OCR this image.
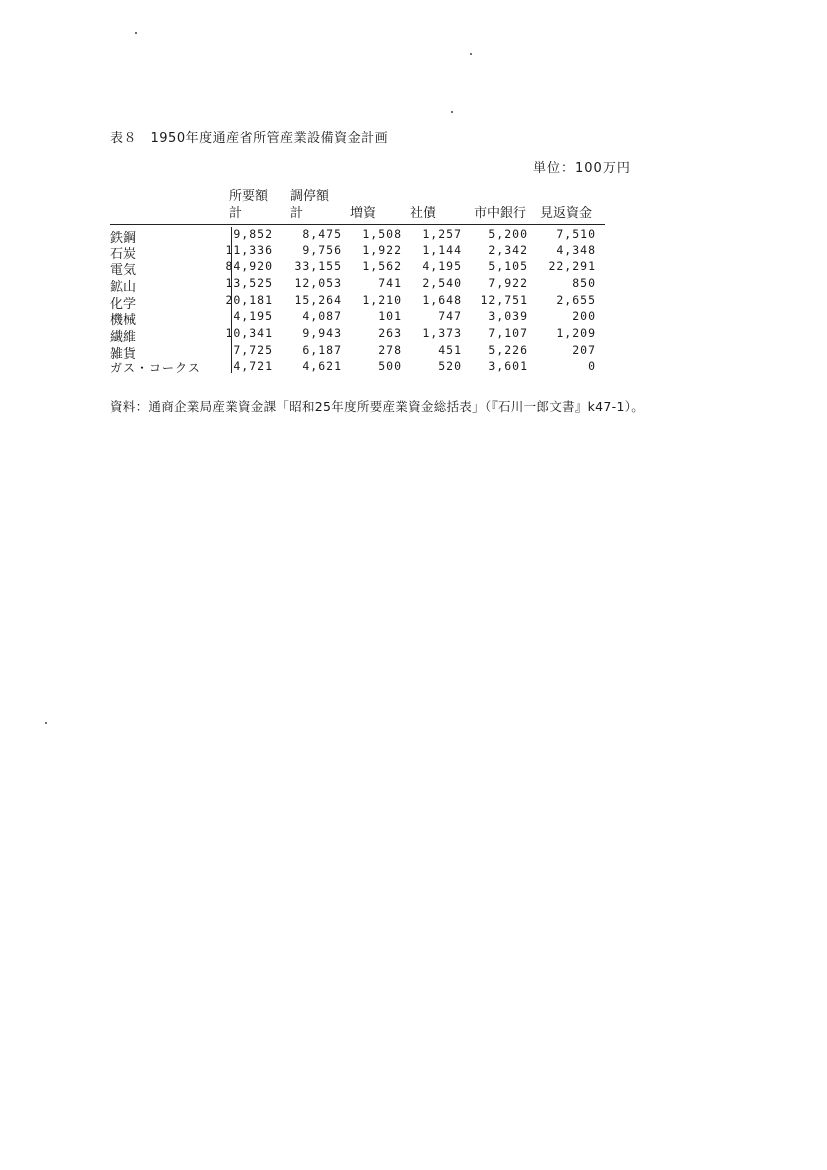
表８　1950年度通産省所管産業設備資金計画
単位：100万円
所要額
計
調停額
計	増資	社債	市中銀行 見返資金
鉄鋼	9,852	8,475 1,508 1,257 5,200 7,510
石炭	11,336	9,756 1,922 1,144 2,342 4,348
電気	84,920 33,155 1,562 4,195 5,105 22,291
鉱山	13,525 12,053	741 2,540 7,922	850
化学	20,181 15,264 1,210 1,648 12,751 2,655
機械	4,195	4,087	101	747 3,039	200
繊維	10,341	9,943	263 1,373 7,107 1,209
雑貨	7,725	6,187	278	451 5,226	207
ガス・コークス	4,721	4,621	500	520 3,601	0
資料：通商企業局産業資金課「昭和25年度所要産業資金総括表」（『石川一郎文書』k47-1）。
